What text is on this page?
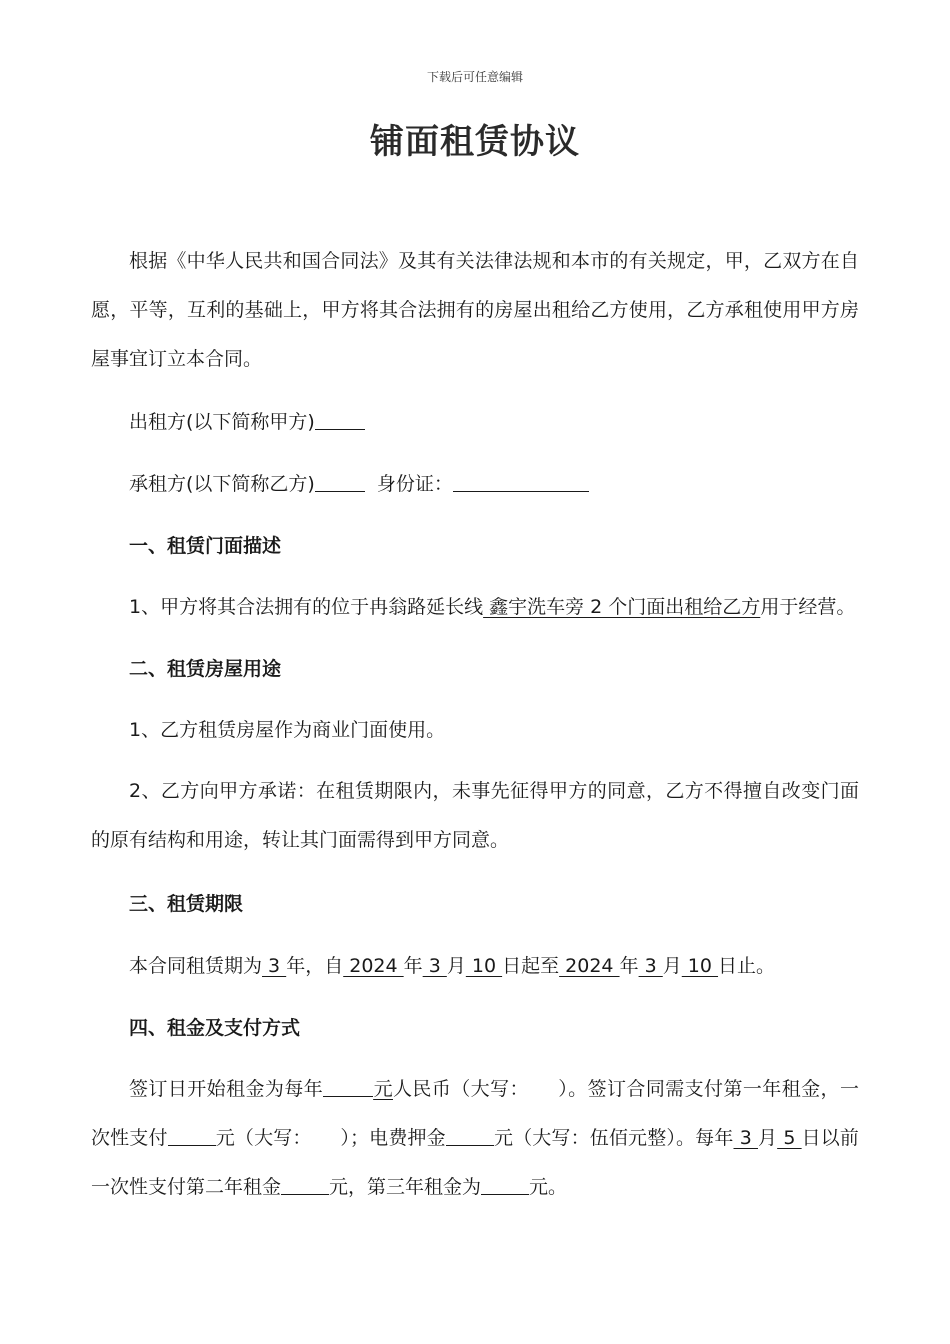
下载后可任意编辑
铺面租赁协议

根据《中华人民共和国合同法》及其有关法律法规和本市的有关规定，甲，乙双方在自愿，平等，互利的基础上，甲方将其合法拥有的房屋出租给乙方使用，乙方承租使用甲方房屋事宜订立本合同。

出租方(以下简称甲方)

承租方(以下简称乙方)	身份证：

一、租赁门面描述

1、甲方将其合法拥有的位于冉翁路延长线 鑫宇洗车旁 2 个门面出租给乙方用于经营。

二、租赁房屋用途

1、乙方租赁房屋作为商业门面使用。

2、乙方向甲方承诺：在租赁期限内，未事先征得甲方的同意，乙方不得擅自改变门面的原有结构和用途，转让其门面需得到甲方同意。

三、租赁期限

本合同租赁期为 3 年，自 2024 年 3 月 10 日起至 2024 年 3 月 10 日止。

四、租金及支付方式

签订日开始租金为每年	元人民币（大写：　　）。签订合同需支付第一年租金，一次性支付	元（大写：　　）；电费押金	元（大写：伍佰元整）。每年 3 月 5 日以前一次性支付第二年租金	元，第三年租金为	元。
